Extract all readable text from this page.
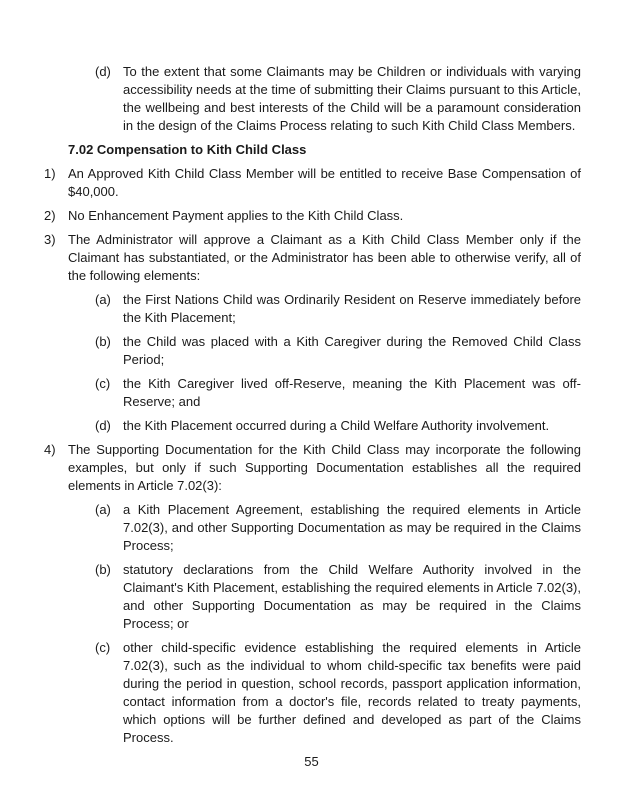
(d) To the extent that some Claimants may be Children or individuals with varying accessibility needs at the time of submitting their Claims pursuant to this Article, the wellbeing and best interests of the Child will be a paramount consideration in the design of the Claims Process relating to such Kith Child Class Members.
7.02 Compensation to Kith Child Class
1) An Approved Kith Child Class Member will be entitled to receive Base Compensation of $40,000.
2) No Enhancement Payment applies to the Kith Child Class.
3) The Administrator will approve a Claimant as a Kith Child Class Member only if the Claimant has substantiated, or the Administrator has been able to otherwise verify, all of the following elements:
(a) the First Nations Child was Ordinarily Resident on Reserve immediately before the Kith Placement;
(b) the Child was placed with a Kith Caregiver during the Removed Child Class Period;
(c) the Kith Caregiver lived off-Reserve, meaning the Kith Placement was off-Reserve; and
(d) the Kith Placement occurred during a Child Welfare Authority involvement.
4) The Supporting Documentation for the Kith Child Class may incorporate the following examples, but only if such Supporting Documentation establishes all the required elements in Article 7.02(3):
(a) a Kith Placement Agreement, establishing the required elements in Article 7.02(3), and other Supporting Documentation as may be required in the Claims Process;
(b) statutory declarations from the Child Welfare Authority involved in the Claimant's Kith Placement, establishing the required elements in Article 7.02(3), and other Supporting Documentation as may be required in the Claims Process; or
(c) other child-specific evidence establishing the required elements in Article 7.02(3), such as the individual to whom child-specific tax benefits were paid during the period in question, school records, passport application information, contact information from a doctor's file, records related to treaty payments, which options will be further defined and developed as part of the Claims Process.
55
